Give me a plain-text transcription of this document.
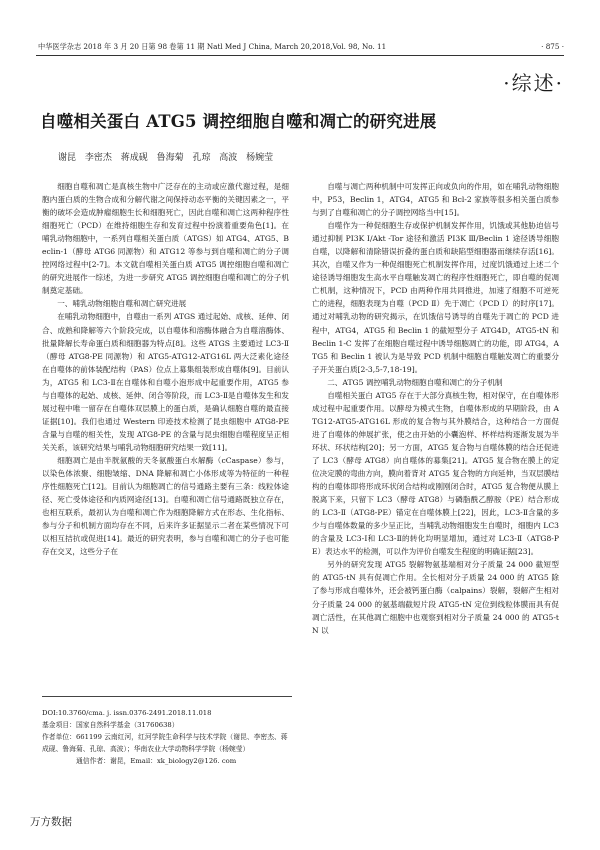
中华医学杂志 2018 年 3 月 20 日第 98 卷第 11 期 Natl Med J China, March 20,2018,Vol. 98, No. 11	· 875 ·
·综述·
自噬相关蛋白 ATG5 调控细胞自噬和凋亡的研究进展
谢昆 李密杰 蒋成砚 鲁海菊 孔琼 高波 杨婉莹

细胞自噬和凋亡是真核生物中广泛存在的主动或应激代谢过程，是细胞内蛋白质的生物合成和分解代谢之间保持动态平衡的关键因素之一，平衡的破坏会造成肿瘤细胞生长和细胞死亡，因此自噬和凋亡这两种程序性细胞死亡（PCD）在维持细胞生存和发育过程中扮演着重要角色[1]。在哺乳动物细胞中，一系列自噬相关蛋白质（ATGS）如 ATG4、ATG5、Beclin-1（酵母 ATG6 同源物）和 ATG12 等参与到自噬和凋亡的分子调控网络过程中[2-7]。本文就自噬相关蛋白质 ATG5 调控细胞自噬和凋亡的研究进展作一综述，为进一步研究 ATG5 调控细胞自噬和凋亡的分子机制奠定基础。

一、哺乳动物细胞自噬和凋亡研究进展

在哺乳动物细胞中，自噬由一系列 ATGS 通过起始、成核、延伸、闭合、成熟和降解等六个阶段完成，以自噬体和溶酶体融合为自噬溶酶体、批量降解长寿命蛋白质和细胞器为特点[8]。这些 ATGS 主要通过 LC3-Ⅱ（酵母 ATG8-PE 同源物）和 ATG5-ATG12-ATG16L 两大泛素化途径在自噬体的前体装配结构（PAS）位点上募集组装形成自噬体[9]。目前认为，ATG5 和 LC3-Ⅱ在自噬体和自噬小泡形成中起重要作用，ATG5 参与自噬体的起始、成核、延伸、闭合等阶段，而 LC3-Ⅱ是自噬体发生和发展过程中唯一留存在自噬体双层膜上的蛋白质，是确认细胞自噬的最直接证据[10]。我们也通过 Western 印迹技术检测了昆虫细胞中 ATG8-PE 含量与自噬的相关性，发现 ATG8-PE 的含量与昆虫细胞自噬程度呈正相关关系，该研究结果与哺乳动物细胞研究结果一致[11]。

细胞凋亡是由半胱氨酸的天冬氨酸蛋白水解酶（cCaspase）参与，以染色体浓聚、细胞皱缩、DNA 降解和凋亡小体形成等为特征的一种程序性细胞死亡[12]。目前认为细胞凋亡的信号通路主要有三条：线粒体途径、死亡受体途径和内质网途径[13]。自噬和凋亡信号通路既独立存在，也相互联系，最初认为自噬和凋亡作为细胞降解方式在形态、生化指标、参与分子和机制方面均存在不同，后来许多证据显示二者在某些情况下可以相互拮抗或促进[14]。最近的研究表明，参与自噬和凋亡的分子也可能存在交叉，这些分子在

自噬与凋亡两种机制中可发挥正向或负向的作用，如在哺乳动物细胞中，P53，Beclin 1，ATG4，ATG5 和 Bcl-2 家族等很多相关蛋白质参与到了自噬和凋亡的分子调控网络当中[15]。

自噬作为一种促细胞生存或保护机制发挥作用，饥饿或其他胁迫信号通过抑制 PI3K Ⅰ/Akt -Tor 途径和激活 PI3K Ⅲ/Beclin 1 途径诱导细胞自噬，以降解和清除错误折叠的蛋白质和缺陷型细胞器而继续存活[16]。其次，自噬又作为一种促细胞死亡机制发挥作用，过度饥饿通过上述二个途径诱导细胞发生高水平自噬触发凋亡的程序性细胞死亡，即自噬的促凋亡机制，这种情况下，PCD 由两种作用共同推进，加速了细胞不可逆死亡的进程，细胞表现为自噬（PCD Ⅱ）先于凋亡（PCD Ⅰ）的时序[17]。通过对哺乳动物的研究揭示，在饥饿信号诱导的自噬先于凋亡的 PCD 进程中，ATG4，ATG5 和 Beclin 1 的截短型分子 ATG4D，ATG5-tN 和 Beclin 1-C 发挥了在细胞自噬过程中诱导细胞凋亡的功能，即 ATG4，ATG5 和 Beclin 1 被认为是导致 PCD 机制中细胞自噬触发凋亡的重要分子开关蛋白质[2-3,5-7,18-19]。

二、ATG5 调控哺乳动物细胞自噬和凋亡的分子机制

自噬相关蛋白 ATG5 存在于大部分真核生物，相对保守，在自噬体形成过程中起重要作用。以酵母为模式生物，自噬体形成的早期阶段，由 ATG12-ATG5-ATG16L 形成的复合物与其外膜结合，这种结合一方面促进了自噬体的伸展扩张，使之由开始的小囊泡样、杯样结构逐渐发展为半环状、环状结构[20]；另一方面，ATG5 复合物与自噬体膜的结合还促进了 LC3（酵母 ATG8）向自噬体的募集[21]。ATG5 复合物在膜上的定位决定膜的弯曲方向，膜向着背对 ATG5 复合物的方向延伸，当双层膜结构的自噬体即将形成环状闭合结构或刚刚闭合时，ATG5 复合物便从膜上脱离下来，只留下 LC3（酵母 ATG8）与磷脂酰乙醇胺（PE）结合形成的 LC3-Ⅱ（ATG8-PE）锚定在自噬体膜上[22]，因此，LC3-Ⅱ含量的多少与自噬体数量的多少呈正比，当哺乳动物细胞发生自噬时，细胞内 LC3 的含量及 LC3-Ⅰ和 LC3-Ⅱ的转化均明显增加，通过对 LC3-Ⅱ（ATG8-PE）表达水平的检测，可以作为评价自噬发生程度的明确证据[23]。

另外的研究发现 ATG5 裂解物氨基端相对分子质量 24 000 截短型的 ATG5-tN 具有促凋亡作用。全长相对分子质量 24 000 的 ATG5 除了参与形成自噬体外，还会被钙蛋白酶（calpains）裂解，裂解产生相对分子质量 24 000 的氨基端截短片段 ATG5-tN 定位到线粒体膜而具有促凋亡活性，在其他凋亡细胞中也观察到相对分子质量 24 000 的 ATG5-tN 以

DOI:10.3760/cma. j. issn.0376-2491.2018.11.018

基金项目：国家自然科学基金（31760638）

作者单位：661199 云南红河，红河学院生命科学与技术学院（谢昆、李密杰、蒋成砚、鲁海菊、孔琼、高波）；华南农业大学动物科学学院（杨婉莹）

通信作者：谢昆，Email：xk_biology2@126. com

万方数据
